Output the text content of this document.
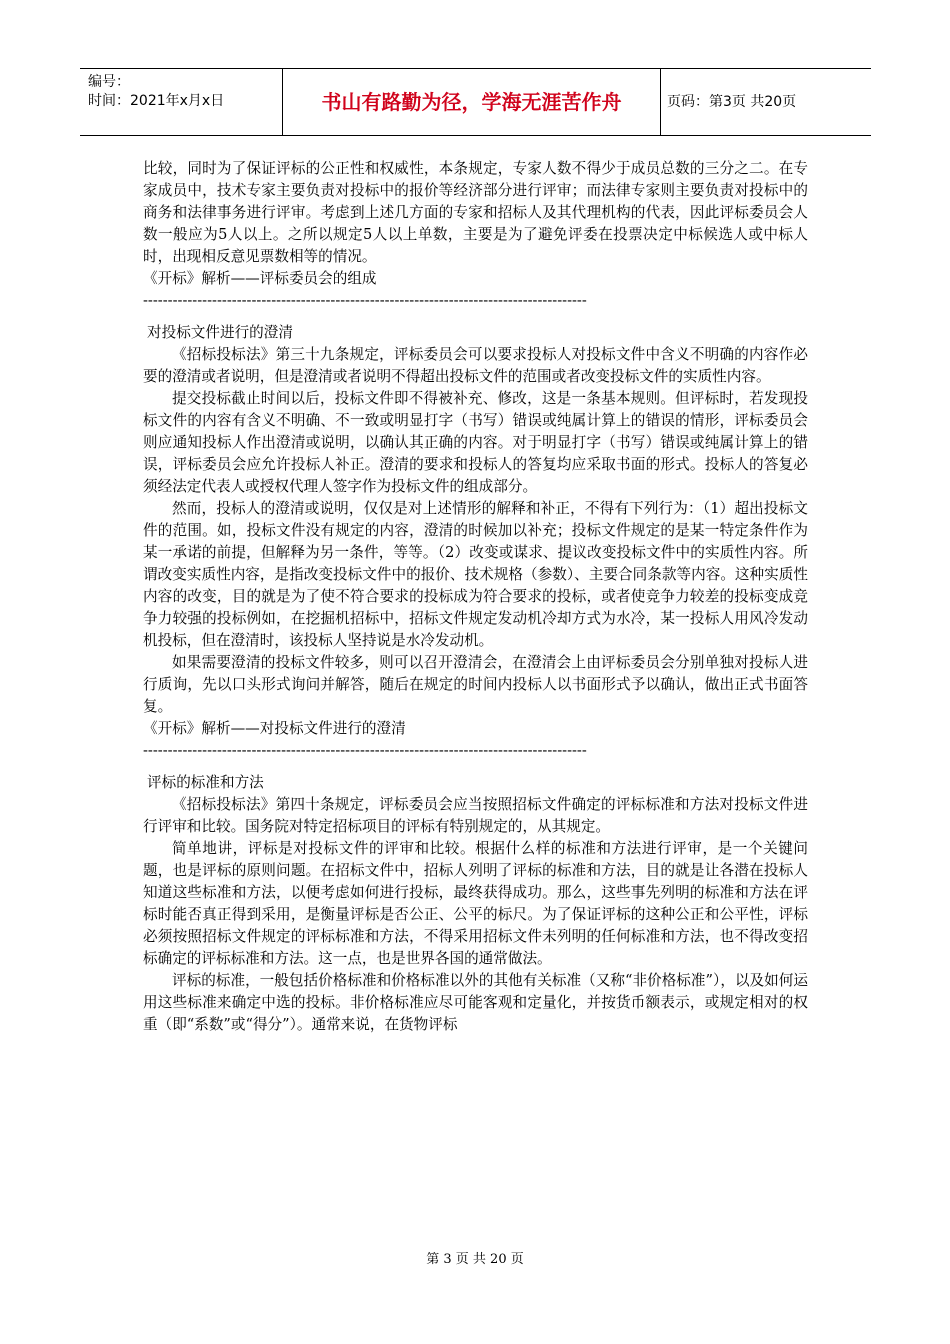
编号：
时间：2021年x月x日	书山有路勤为径，学海无涯苦作舟	页码：第3页 共20页

比较，同时为了保证评标的公正性和权威性，本条规定，专家人数不得少于成员总数的三分之二。在专家成员中，技术专家主要负责对投标中的报价等经济部分进行评审；而法律专家则主要负责对投标中的商务和法律事务进行评审。考虑到上述几方面的专家和招标人及其代理机构的代表，因此评标委员会人数一般应为5人以上。之所以规定5人以上单数，主要是为了避免评委在投票决定中标候选人或中标人时，出现相反意见票数相等的情况。

《开标》解析——评标委员会的组成

------------------------------------------------------------------------------------------

对投标文件进行的澄清

《招标投标法》第三十九条规定，评标委员会可以要求投标人对投标文件中含义不明确的内容作必要的澄清或者说明，但是澄清或者说明不得超出投标文件的范围或者改变投标文件的实质性内容。

提交投标截止时间以后，投标文件即不得被补充、修改，这是一条基本规则。但评标时，若发现投标文件的内容有含义不明确、不一致或明显打字（书写）错误或纯属计算上的错误的情形，评标委员会则应通知投标人作出澄清或说明，以确认其正确的内容。对于明显打字（书写）错误或纯属计算上的错误，评标委员会应允许投标人补正。澄清的要求和投标人的答复均应采取书面的形式。投标人的答复必须经法定代表人或授权代理人签字作为投标文件的组成部分。

然而，投标人的澄清或说明，仅仅是对上述情形的解释和补正，不得有下列行为：（1）超出投标文件的范围。如，投标文件没有规定的内容，澄清的时候加以补充；投标文件规定的是某一特定条件作为某一承诺的前提，但解释为另一条件，等等。（2）改变或谋求、提议改变投标文件中的实质性内容。所谓改变实质性内容，是指改变投标文件中的报价、技术规格（参数）、主要合同条款等内容。这种实质性内容的改变，目的就是为了使不符合要求的投标成为符合要求的投标，或者使竞争力较差的投标变成竞争力较强的投标例如，在挖掘机招标中，招标文件规定发动机冷却方式为水冷，某一投标人用风冷发动机投标，但在澄清时，该投标人坚持说是水冷发动机。

如果需要澄清的投标文件较多，则可以召开澄清会，在澄清会上由评标委员会分别单独对投标人进行质询，先以口头形式询问并解答，随后在规定的时间内投标人以书面形式予以确认，做出正式书面答复。

《开标》解析——对投标文件进行的澄清

------------------------------------------------------------------------------------------

评标的标准和方法

《招标投标法》第四十条规定，评标委员会应当按照招标文件确定的评标标准和方法对投标文件进行评审和比较。国务院对特定招标项目的评标有特别规定的，从其规定。

简单地讲，评标是对投标文件的评审和比较。根据什么样的标准和方法进行评审，是一个关键问题，也是评标的原则问题。在招标文件中，招标人列明了评标的标准和方法，目的就是让各潜在投标人知道这些标准和方法，以便考虑如何进行投标，最终获得成功。那么，这些事先列明的标准和方法在评标时能否真正得到采用，是衡量评标是否公正、公平的标尺。为了保证评标的这种公正和公平性，评标必须按照招标文件规定的评标标准和方法，不得采用招标文件未列明的任何标准和方法，也不得改变招标确定的评标标准和方法。这一点，也是世界各国的通常做法。

评标的标准，一般包括价格标准和价格标准以外的其他有关标准（又称“非价格标准”），以及如何运用这些标准来确定中选的投标。非价格标准应尽可能客观和定量化，并按货币额表示，或规定相对的权重（即“系数”或“得分”）。通常来说，在货物评标

第 3 页 共 20 页
